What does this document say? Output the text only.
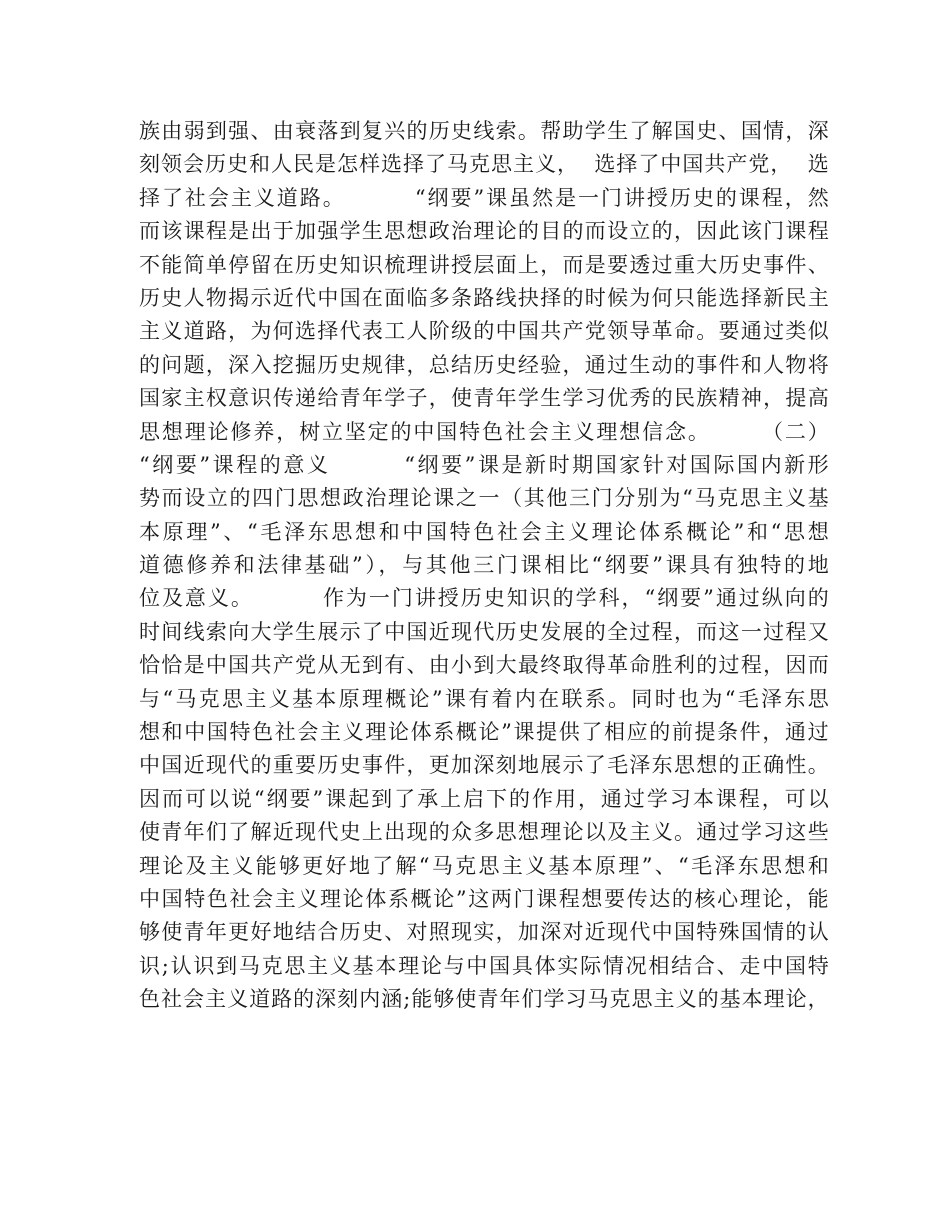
族由弱到强、由衰落到复兴的历史线索。帮助学生了解国史、国情，深
刻领会历史和人民是怎样选择了马克思主义，  选择了中国共产党，  选
择了社会主义道路。        “纲要”课虽然是一门讲授历史的课程，然
而该课程是出于加强学生思想政治理论的目的而设立的，因此该门课程
不能简单停留在历史知识梳理讲授层面上，而是要透过重大历史事件、
历史人物揭示近代中国在面临多条路线抉择的时候为何只能选择新民主
主义道路，为何选择代表工人阶级的中国共产党领导革命。要通过类似
的问题，深入挖掘历史规律，总结历史经验，通过生动的事件和人物将
国家主权意识传递给青年学子，使青年学生学习优秀的民族精神，提高
思想理论修养，树立坚定的中国特色社会主义理想信念。      （二）
“纲要”课程的意义        “纲要”课是新时期国家针对国际国内新形
势而设立的四门思想政治理论课之一（其他三门分别为“马克思主义基
本原理”、“毛泽东思想和中国特色社会主义理论体系概论”和“思想
道德修养和法律基础”），与其他三门课相比“纲要”课具有独特的地
位及意义。        作为一门讲授历史知识的学科，“纲要”通过纵向的
时间线索向大学生展示了中国近现代历史发展的全过程，而这一过程又
恰恰是中国共产党从无到有、由小到大最终取得革命胜利的过程，因而
与“马克思主义基本原理概论”课有着内在联系。同时也为“毛泽东思
想和中国特色社会主义理论体系概论”课提供了相应的前提条件，通过
中国近现代的重要历史事件，更加深刻地展示了毛泽东思想的正确性。
因而可以说“纲要”课起到了承上启下的作用，通过学习本课程，可以
使青年们了解近现代史上出现的众多思想理论以及主义。通过学习这些
理论及主义能够更好地了解“马克思主义基本原理”、“毛泽东思想和
中国特色社会主义理论体系概论”这两门课程想要传达的核心理论，能
够使青年更好地结合历史、对照现实，加深对近现代中国特殊国情的认
识;认识到马克思主义基本理论与中国具体实际情况相结合、走中国特
色社会主义道路的深刻内涵;能够使青年们学习马克思主义的基本理论，
